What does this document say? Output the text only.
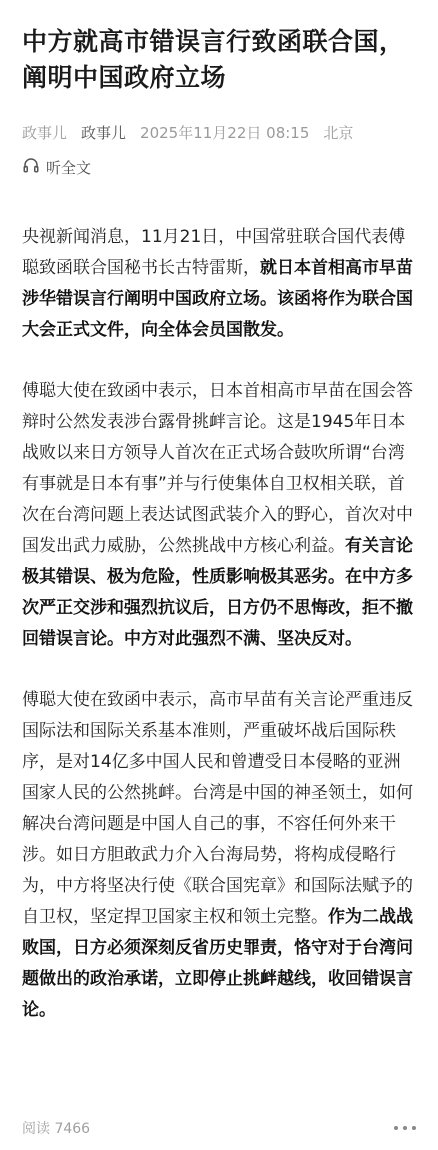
中方就高市错误言行致函联合国，阐明中国政府立场
政事儿 政事儿 2025年11月22日 08:15 北京
听全文
央视新闻消息，11月21日，中国常驻联合国代表傅聪致函联合国秘书长古特雷斯，就日本首相高市早苗涉华错误言行阐明中国政府立场。该函将作为联合国大会正式文件，向全体会员国散发。
傅聪大使在致函中表示，日本首相高市早苗在国会答辩时公然发表涉台露骨挑衅言论。这是1945年日本战败以来日方领导人首次在正式场合鼓吹所谓“台湾有事就是日本有事”并与行使集体自卫权相关联，首次在台湾问题上表达试图武装介入的野心，首次对中国发出武力威胁，公然挑战中方核心利益。有关言论极其错误、极为危险，性质影响极其恶劣。在中方多次严正交涉和强烈抗议后，日方仍不思悔改，拒不撤回错误言论。中方对此强烈不满、坚决反对。
傅聪大使在致函中表示，高市早苗有关言论严重违反国际法和国际关系基本准则，严重破坏战后国际秩序，是对14亿多中国人民和曾遭受日本侵略的亚洲国家人民的公然挑衅。台湾是中国的神圣领土，如何解决台湾问题是中国人自己的事，不容任何外来干涉。如日方胆敢武力介入台海局势，将构成侵略行为，中方将坚决行使《联合国宪章》和国际法赋予的自卫权，坚定捍卫国家主权和领土完整。作为二战战败国，日方必须深刻反省历史罪责，恪守对于台湾问题做出的政治承诺，立即停止挑衅越线，收回错误言论。
阅读 7466
